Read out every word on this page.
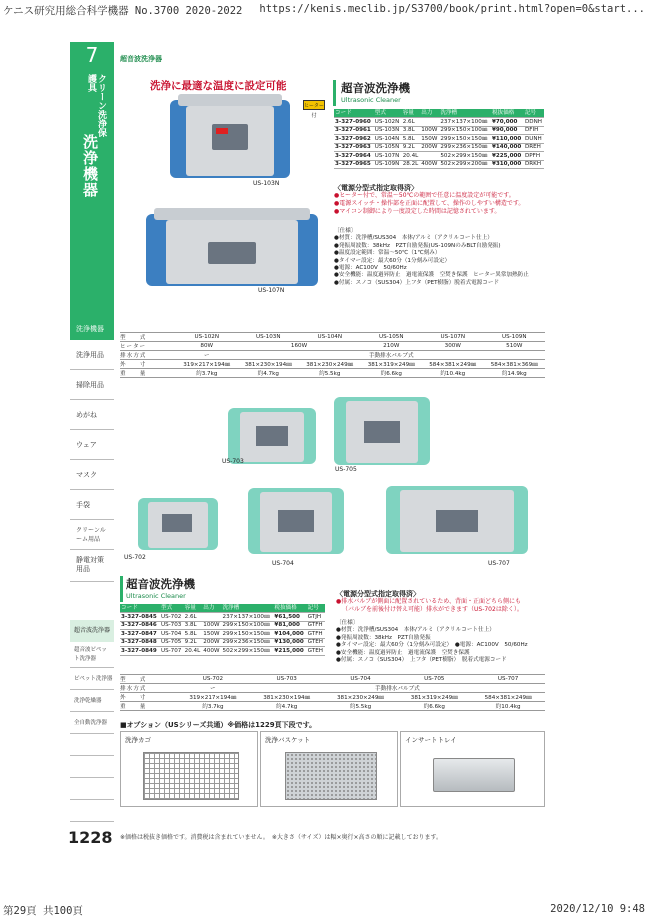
ケニス研究用総合科学機器 No.3700 2020-2022 https://kenis.meclib.jp/S3700/book/print.html?open=0&start...
第29頁 共100頁	2020/12/10 9:48
7
クリーン洗浄保護具
洗浄機器
洗浄機器
洗浄用品
掃除用品
めがね
ウェア
マスク
手袋
クリーンルーム用品
静電対策用品
超音波洗浄器
超音波ピペット洗浄器
ピペット洗浄器
洗浄乾燥器
全自動洗浄器
1228
超音波洗浄器
洗浄に最適な温度に設定可能
ヒーター付
US-103N
US-107N
超音波洗浄機
Ultrasonic Cleaner
コード	型式	容量	出力	洗浄槽	税抜価格	記号
3-327-0960	US-102N	2.6L		237×137×100㎜	¥70,000	DDNH
3-327-0961	US-103N	3.8L	100W	299×150×100㎜	¥90,000	DFIH
3-327-0962	US-104N	5.8L	150W	299×150×150㎜	¥110,000	DUNH
3-327-0963	US-105N	9.2L	200W	299×236×150㎜	¥140,000	DREH
3-327-0964	US-107N	20.4L		502×299×150㎜	¥225,000	DPFH
3-327-0965	US-109N	28.2L	400W	502×299×200㎜	¥310,000	DRKH

〈電源分型式指定取得済〉

●ヒーター付で、常温〜50℃の範囲で任意に温度設定が可能です。

●電源スイッチ・操作部を正面に配置して、操作のしやすい構造です。

●マイコン制御により一度設定した時間は記憶されています。

〔仕様〕

●材質：洗浄槽/SUS304　本体/アルミ（アクリルコート仕上）

●発振周波数：38kHz　PZT自励発振(US-109NのみBLT自励発振)

●温度設定範囲：常温〜50℃（1℃刻み）

●タイマー設定：最大60分（1分刻み可設定）

●電源：AC100V　50/60Hz

●安全機能：温度過昇防止　過電流保護　空焚き保護　ヒーター異常加熱防止

●付属：スノコ（SUS304）上フタ（PET樹脂）脱着式電源コード

型　　式	US-102N	US-103N	US-104N	US-105N	US-107N	US-109N
ヒーター	80W	160W		210W	300W	510W
排水方式	ー	手動排水バルブ式				
外　　寸	319×217×194㎜	381×230×194㎜	381×230×249㎜	381×319×249㎜	584×381×249㎜	584×381×369㎜
重　　量	約3.7kg	約4.7kg	約5.5kg	約6.6kg	約10.4kg	約14.9kg
US-703
US-705
US-702
US-704	US-707
超音波洗浄機
Ultrasonic Cleaner
コード	型式	容量	出力	洗浄槽	税抜価格	記号
3-327-0845	US-702	2.6L		237×137×100㎜	¥61,500	GTJH
3-327-0846	US-703	3.8L	100W	299×150×100㎜	¥81,000	GTFH
3-327-0847	US-704	5.8L	150W	299×150×150㎜	¥104,000	GTFH
3-327-0848	US-705	9.2L	200W	299×236×150㎜	¥130,000	GTEH
3-327-0849	US-707	20.4L	400W	502×299×150㎜	¥215,000	GTEH

〈電源分型式指定取得済〉

●排水バルブが側面に配置されているため、背面・正面どちら側にも

（バルブを前後付け替え可能）排水ができます（US-702は除く）。

〔仕様〕

●材質：洗浄槽/SUS304　本体/アルミ（アクリルコート仕上）

●発振周波数：38kHz　PZT自励発振

●タイマー設定：最大60分（1分刻み可設定）　●電源：AC100V　50/60Hz

●安全機能：温度過昇防止　過電流保護　空焚き保護

●付属：スノコ（SUS304）　上フタ（PET樹脂）　脱着式電源コード

型　　式	US-702	US-703	US-704	US-705	US-707
排水方式	ー	手動排水バルブ式			
外　　寸	319×217×194㎜	381×230×194㎜	381×230×249㎜	381×319×249㎜	584×381×249㎜
重　　量	約3.7kg	約4.7kg	約5.5kg	約6.6kg	約10.4kg
■オプション（USシリーズ共通）※価格は1229頁下段です。
洗浄カゴ	洗浄バスケット	インサートトレイ
※価格は税抜き価格です。消費税は含まれていません。　※大きさ（サイズ）は幅×奥行×高さの順に記載しております。
